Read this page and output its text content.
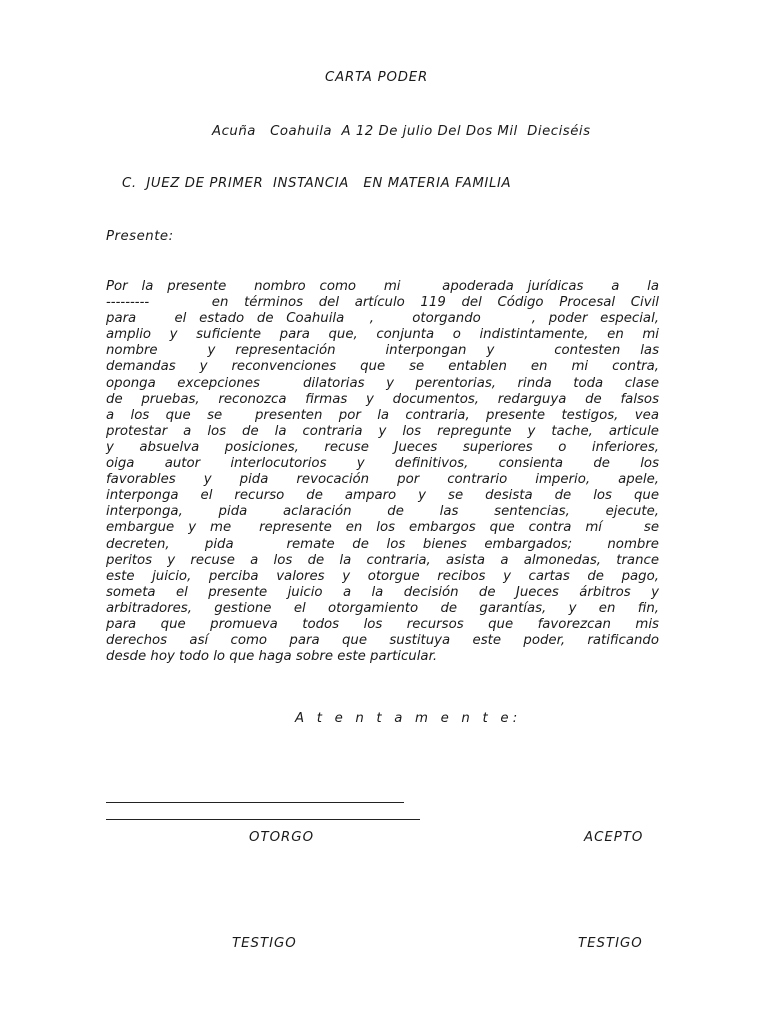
CARTA PODER
Acuña   Coahuila  A 12 De julio Del Dos Mil  Dieciséis
C.  JUEZ DE PRIMER  INSTANCIA   EN MATERIA FAMILIA
Presente:
Por la presente  nombro como  mi   apoderada jurídicas  a  la
---------    en términos del artículo 119 del Código Procesal Civil
para   el estado de Coahuila  ,   otorgando    , poder especial,
amplio y suficiente para que, conjunta o indistintamente, en mi
nombre     y  representación     interpongan  y      contesten  las
demandas  y  reconvenciones  que  se  entablen  en  mi  contra,
oponga excepciones  dilatorias y perentorias, rinda toda clase
de pruebas, reconozca firmas y documentos, redarguya de falsos
a los que se  presenten por la contraria, presente testigos, vea
protestar a los de la contraria y los repregunte y tache, articule
y  absuelva  posiciones,  recuse  Jueces  superiores  o  inferiores,
oiga  autor  interlocutorios  y  definitivos,  consienta  de  los
favorables  y  pida  revocación  por  contrario  imperio,  apele,
interponga  el  recurso  de  amparo  y  se  desista  de  los  que
interponga,   pida   aclaración   de   las   sentencias,   ejecute,
embargue y me  represente en los embargos que contra mí   se
decreten,  pida   remate de los bienes embargados;  nombre
peritos y recuse a los de la contraria, asista a almonedas, trance
este juicio, perciba valores y otorgue recibos y cartas de pago,
someta  el  presente  juicio  a  la  decisión  de  Jueces  árbitros  y
arbitradores,  gestione  el  otorgamiento  de  garantías,  y  en  fin,
para  que  promueva  todos  los  recursos  que  favorezcan  mis
derechos así como para que sustituya este poder, ratificando
desde hoy todo lo que haga sobre este particular.
A t e n t a m e n t e:
OTORGO	ACEPTO
TESTIGO	TESTIGO
